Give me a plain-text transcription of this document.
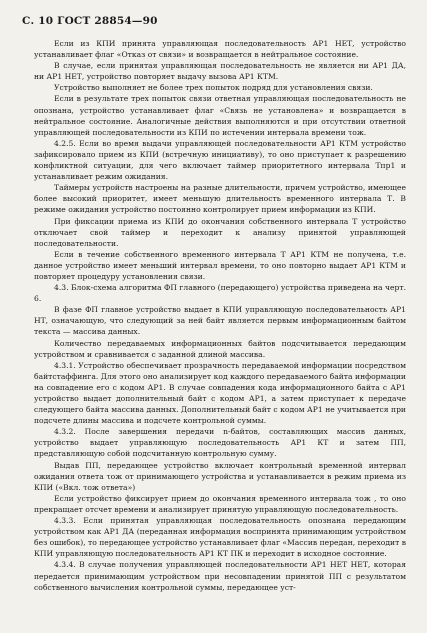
С. 10 ГОСТ 28854—90

Если из КПИ принята управляющая последовательность АР1 НЕТ, устройство устанавливает флаг «Отказ от связи» и возвращается в нейтральное состояние.

В случае, если принятая управляющая последовательность не является ни АР1 ДА, ни АР1 НЕТ, устройство повторяет выдачу вызова АР1 КТМ.

Устройство выполняет не более трех попыток подряд для установления связи.

Если в результате трех попыток связи ответная управляющая последовательность не опознана, устройство устанавливает флаг «Связь не установлена» и возвращается в нейтральное состояние. Аналогичные действия выполняются и при отсутствии ответной управляющей последовательности из КПИ по истечении интервала времени τож.

4.2.5. Если во время выдачи управляющей последовательности АР1 КТМ устройство зафиксировало прием из КПИ (встречную инициативу), то оно приступает к разрешению конфликтной ситуации, для чего включает таймер приоритетного интервала Тпр1 и устанавливает режим ожидания.

Таймеры устройств настроены на разные длительности, причем устройство, имеющее более высокий приоритет, имеет меньшую длительность временного интервала Т. В режиме ожидания устройство постоянно контролирует прием информации из КПИ.

При фиксации приема из КПИ до окончания собственного интервала Т устройство отключает свой таймер и переходит к анализу принятой управляющей последовательности.

Если в течение собственного временного интервала Т АР1 КТМ не получена, т.е. данное устройство имеет меньший интервал времени, то оно повторно выдает АР1 КТМ и повторяет процедуру установления связи.

4.3. Блок-схема алгоритма ФП главного (передающего) устройства приведена на черт. 6.

В фазе ФП главное устройство выдает в КПИ управляющую последовательность АР1 НТ, означающую, что следующий за ней байт является первым информационным байтом текста — массива данных.

Количество передаваемых информационных байтов подсчитывается передающим устройством и сравнивается с заданной длиной массива.

4.3.1. Устройство обеспечивает прозрачность передаваемой информации посредством байтстаффинга. Для этого оно анализирует код каждого передаваемого байта информации на совпадение его с кодом АР1. В случае совпадения кода информационного байта с АР1 устройство выдает дополнительный байт с кодом АР1, а затем приступает к передаче следующего байта массива данных. Дополнительный байт с кодом АР1 не учитывается при подсчете длины массива и подсчете контрольной суммы.

4.3.2. После завершения передачи n-байтов, составляющих массив данных, устройство выдает управляющую последовательность АР1 КТ и затем ПП, представляющую собой подсчитанную контрольную сумму.

Выдав ПП, передающее устройство включает контрольный временной интервал ожидания ответа τож от принимающего устройства и устанавливается в режим приема из КПИ («Вкл. τож ответа»)

Если устройство фиксирует прием до окончания временного интервала τож , то оно прекращает отсчет времени и анализирует принятую управляющую последовательность.

4.3.3. Если принятая управляющая последовательность опознана передающим устройством как АР1 ДА (переданная информация воспринята принимающим устройством без ошибок), то передающее устройство устанавливает флаг «Массив передан, переходит в КПИ управляющую последовательность АР1 КТ ПК и переходит в исходное состояние.

4.3.4. В случае получения управляющей последовательности АР1 НЕТ НЕТ, которая передается принимающим устройством при несовпадении принятой ПП с результатом собственного вычисления контрольной суммы, передающее уст-
